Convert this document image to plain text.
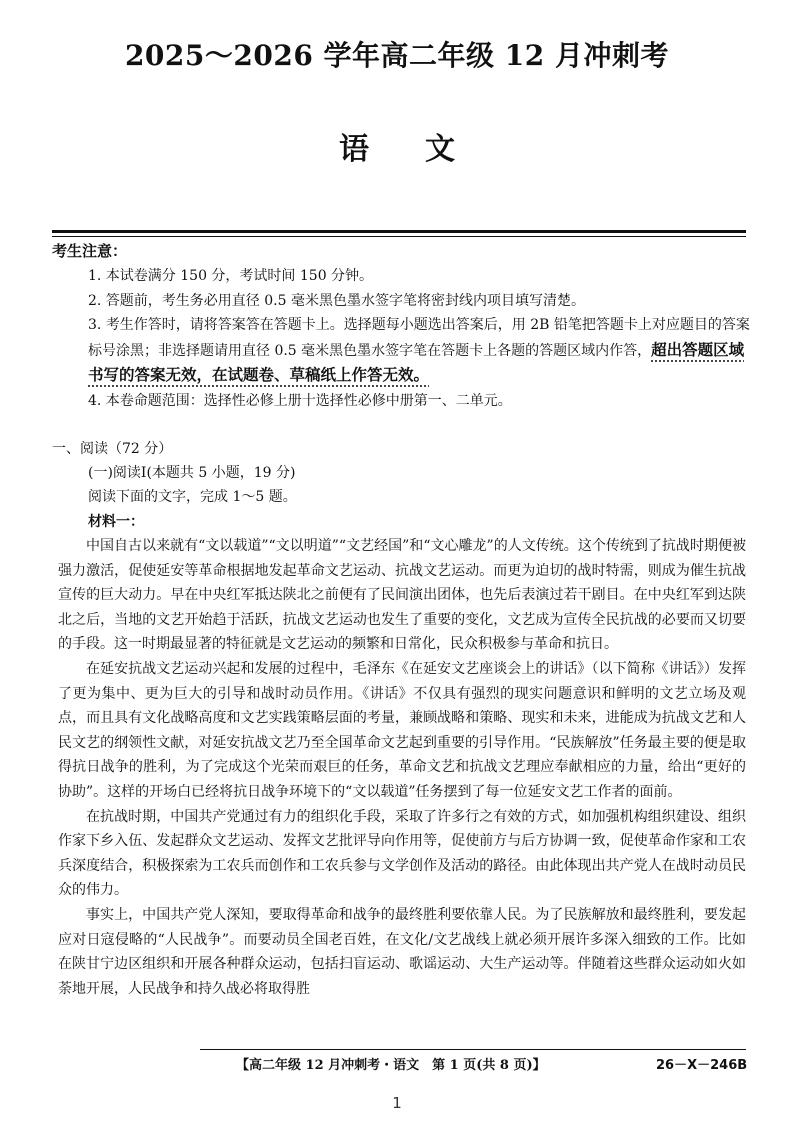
2025～2026 学年高二年级 12 月冲刺考
语文
考生注意：

1. 本试卷满分 150 分，考试时间 150 分钟。

2. 答题前，考生务必用直径 0.5 毫米黑色墨水签字笔将密封线内项目填写清楚。

3. 考生作答时，请将答案答在答题卡上。选择题每小题选出答案后，用 2B 铅笔把答题卡上对应题目的答案标号涂黑；非选择题请用直径 0.5 毫米黑色墨水签字笔在答题卡上各题的答题区域内作答，超出答题区域书写的答案无效，在试题卷、草稿纸上作答无效。

4. 本卷命题范围：选择性必修上册十选择性必修中册第一、二单元。

一、阅读（72 分）
(一)阅读Ⅰ(本题共 5 小题，19 分)
阅读下面的文字，完成 1～5 题。
材料一：

中国自古以来就有“文以载道”“文以明道”“文艺经国”和“文心雕龙”的人文传统。这个传统到了抗战时期便被强力激活，促使延安等革命根据地发起革命文艺运动、抗战文艺运动。而更为迫切的战时特需，则成为催生抗战宣传的巨大动力。早在中央红军抵达陕北之前便有了民间演出团体，也先后表演过若干剧目。在中央红军到达陕北之后，当地的文艺开始趋于活跃，抗战文艺运动也发生了重要的变化，文艺成为宣传全民抗战的必要而又切要的手段。这一时期最显著的特征就是文艺运动的频繁和日常化，民众积极参与革命和抗日。

在延安抗战文艺运动兴起和发展的过程中，毛泽东《在延安文艺座谈会上的讲话》（以下简称《讲话》）发挥了更为集中、更为巨大的引导和战时动员作用。《讲话》不仅具有强烈的现实问题意识和鲜明的文艺立场及观点，而且具有文化战略高度和文艺实践策略层面的考量，兼顾战略和策略、现实和未来，进能成为抗战文艺和人民文艺的纲领性文献，对延安抗战文艺乃至全国革命文艺起到重要的引导作用。“民族解放”任务最主要的便是取得抗日战争的胜利，为了完成这个光荣而艰巨的任务，革命文艺和抗战文艺理应奉献相应的力量，给出“更好的协助”。这样的开场白已经将抗日战争环境下的“文以载道”任务摆到了每一位延安文艺工作者的面前。

在抗战时期，中国共产党通过有力的组织化手段，采取了许多行之有效的方式，如加强机构组织建设、组织作家下乡入伍、发起群众文艺运动、发挥文艺批评导向作用等，促使前方与后方协调一致，促使革命作家和工农兵深度结合，积极探索为工农兵而创作和工农兵参与文学创作及活动的路径。由此体现出共产党人在战时动员民众的伟力。

事实上，中国共产党人深知，要取得革命和战争的最终胜利要依靠人民。为了民族解放和最终胜利，要发起应对日寇侵略的“人民战争”。而要动员全国老百姓，在文化/文艺战线上就必须开展许多深入细致的工作。比如在陕甘宁边区组织和开展各种群众运动，包括扫盲运动、歌谣运动、大生产运动等。伴随着这些群众运动如火如荼地开展，人民战争和持久战必将取得胜

【高二年级 12 月冲刺考・语文　第 1 页(共 8 页)】	26－X－246B
1
